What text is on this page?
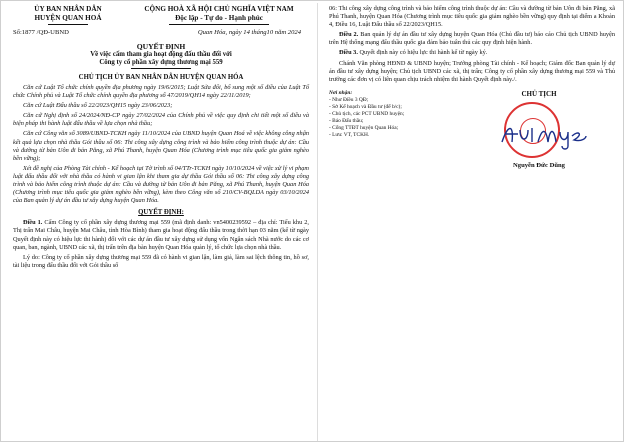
ỦY BAN NHÂN DÂN
HUYỆN QUAN HOÁ
CỘNG HOÀ XÃ HỘI CHỦ NGHĨA VIỆT NAM
Độc lập - Tự do - Hạnh phúc
Số:1877 /QĐ-UBND	Quan Hóa, ngày 14 tháng10 năm 2024
QUYẾT ĐỊNH
Về việc cấm tham gia hoạt động đấu thầu đối với
Công ty cổ phần xây dựng thương mại 559
CHỦ TỊCH ỦY BAN NHÂN DÂN HUYỆN QUAN HÓA

Căn cứ Luật Tổ chức chính quyền địa phương ngày 19/6/2015; Luật Sửa đổi, bổ sung một số điều của Luật Tổ chức Chính phủ và Luật Tổ chức chính quyền địa phương số 47/2019/QH14 ngày 22/11/2019;

Căn cứ Luật Đấu thầu số 22/2023/QH15 ngày 23/06/2023;

Căn cứ Nghị định số 24/2024/NĐ-CP ngày 27/02/2024 của Chính phủ về việc quy định chi tiết một số điều và biện pháp thi hành luật đấu thầu về lựa chọn nhà thầu;

Căn cứ Công văn số 3089/UBND-TCKH ngày 11/10/2024 của UBND huyện Quan Hoá về việc không công nhận kết quả lựa chọn nhà thầu Gói thầu số 06: Thi công xây dựng công trình và bảo hiểm công trình thuộc dự án: Cầu và đường từ bản Uôn đi bản Păng, xã Phú Thanh, huyện Quan Hóa (Chương trình mục tiêu quốc gia giảm nghèo bền vững);

Xét đề nghị của Phòng Tài chính - Kế hoạch tại Tờ trình số 04/TTr-TCKH ngày 10/10/2024 về việc xử lý vi phạm luật đấu thầu đối với nhà thầu có hành vi gian lận khi tham gia dự thầu Gói thầu số 06: Thi công xây dựng công trình và bảo hiểm công trình thuộc dự án: Cầu và đường từ bản Uôn đi bản Păng, xã Phú Thanh, huyện Quan Hóa (Chương trình mục tiêu quốc gia giảm nghèo bền vững), kèm theo Công văn số 210/CV-BQLDA ngày 03/10/2024 của Ban quản lý dự án đầu tư xây dựng huyện Quan Hóa.

QUYẾT ĐỊNH:

Điều 1. Cấm Công ty cổ phần xây dựng thương mại 559 (mã định danh: vn5400239592 – địa chỉ: Tiểu khu 2, Thị trấn Mai Châu, huyện Mai Châu, tỉnh Hòa Bình) tham gia hoạt động đấu thầu trong thời hạn 03 năm (kể từ ngày Quyết định này có hiệu lực thi hành) đối với các dự án đầu tư xây dựng sử dụng vốn Ngân sách Nhà nước do các cơ quan, ban, ngành, UBND các xã, thị trấn trên địa bàn huyện Quan Hóa quản lý, tổ chức lựa chọn nhà thầu.

Lý do: Công ty cổ phần xây dựng thương mại 559 đã có hành vi gian lận, làm giả, làm sai lệch thông tin, hồ sơ, tài liệu trong đấu thầu đối với Gói thầu số

06: Thi công xây dựng công trình và bảo hiểm công trình thuộc dự án: Cầu và đường từ bản Uôn đi bản Păng, xã Phú Thanh, huyện Quan Hóa (Chương trình mục tiêu quốc gia giảm nghèo bền vững) quy định tại điểm a Khoản 4, Điều 16, Luật Đấu thầu số 22/2023/QH15.

Điều 2. Ban quản lý dự án đầu tư xây dựng huyện Quan Hóa (Chủ đầu tư) báo cáo Chủ tịch UBND huyện trên Hệ thống mạng đấu thầu quốc gia đảm bảo tuân thủ các quy định hiện hành.

Điều 3. Quyết định này có hiệu lực thi hành kể từ ngày ký.

Chánh Văn phòng HĐND & UBND huyện; Trưởng phòng Tài chính - Kế hoạch; Giám đốc Ban quản lý dự án đầu tư xây dựng huyện; Chủ tịch UBND các xã, thị trấn; Công ty cổ phần xây dựng thương mại 559 và Thủ trưởng các đơn vị có liên quan chịu trách nhiệm thi hành Quyết định này./.

Nơi nhận:
- Như Điều 3 QĐ;
- Sở Kế hoạch và Đầu tư (để b/c);
- Chủ tịch, các PCT UBND huyện;
- Báo Đấu thầu;
- Cổng TTĐT huyện Quan Hóa;
- Lưu: VT, TCKH.
CHỦ TỊCH
Nguyễn Đức Dũng
